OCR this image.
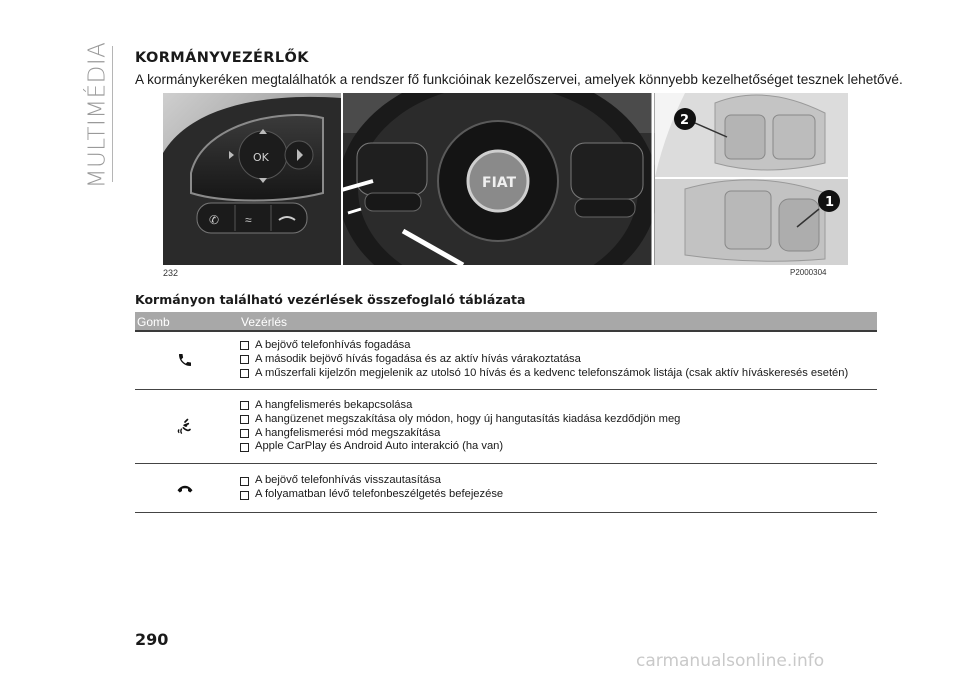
MULTIMÉDIA KORMÁNYVEZÉRLŐK
A kormánykeréken megtalálhatók a rendszer fő funkcióinak kezelőszervei, amelyek könnyebb kezelhetőséget tesznek lehetővé.
OK
✆ ≈
FIAT
2
1
232	P2000304
Kormányon található vezérlések összefoglaló táblázata
Gomb	Vezérlés
A bejövő telefonhívás fogadása
A második bejövő hívás fogadása és az aktív hívás várakoztatása
A műszerfali kijelzőn megjelenik az utolsó 10 hívás és a kedvenc telefonszámok listája (csak aktív híváskeresés esetén)
A hangfelismerés bekapcsolása
A hangüzenet megszakítása oly módon, hogy új hangutasítás kiadása kezdődjön meg
A hangfelismerési mód megszakítása
Apple CarPlay és Android Auto interakció (ha van)
A bejövő telefonhívás visszautasítása
A folyamatban lévő telefonbeszélgetés befejezése
290
carmanualsonline.info
